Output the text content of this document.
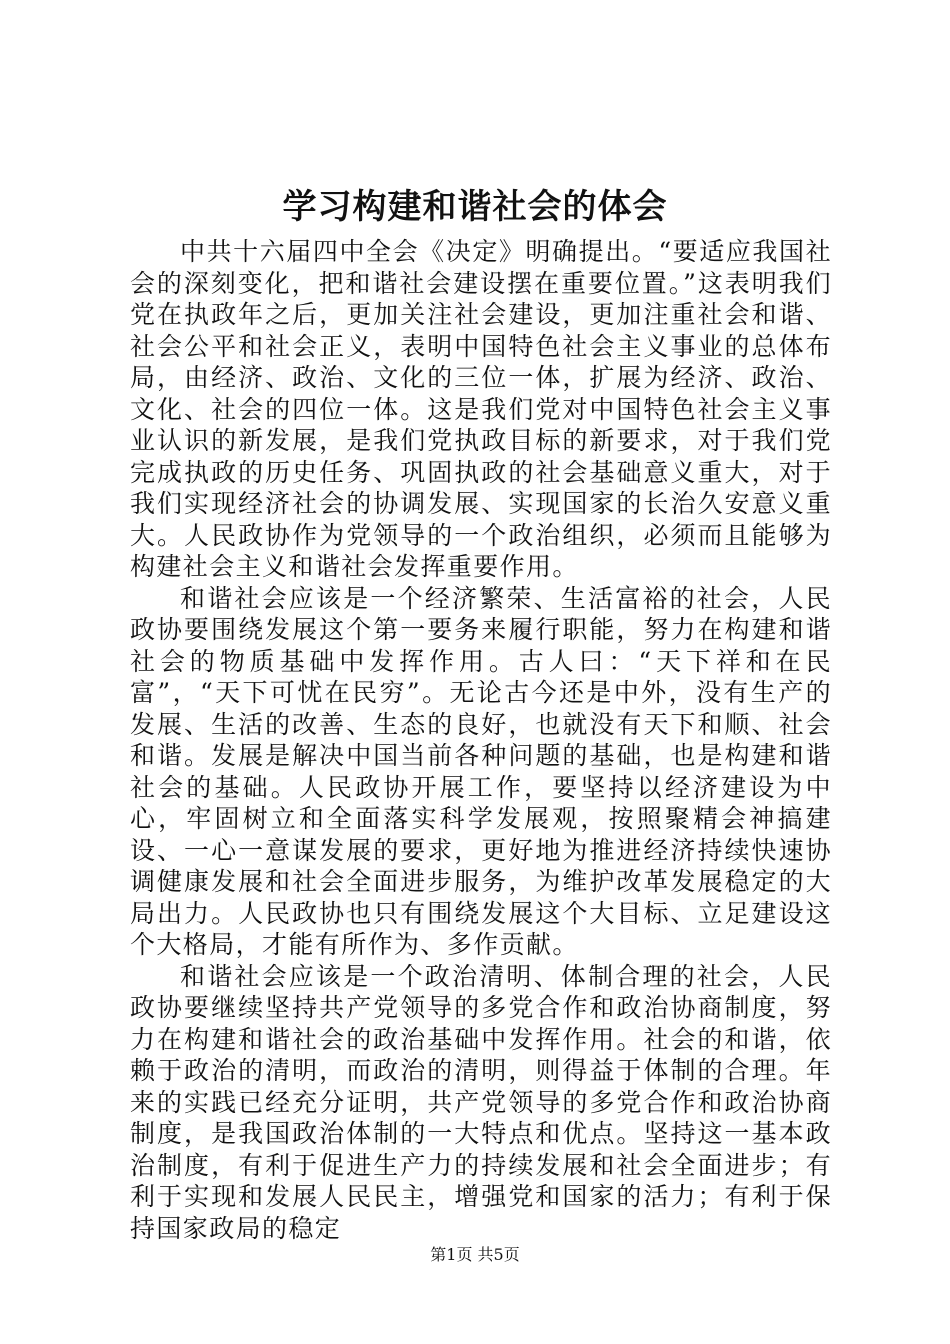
学习构建和谐社会的体会

中共十六届四中全会《决定》明确提出。“要适应我国社会的深刻变化，把和谐社会建设摆在重要位置。”这表明我们党在执政年之后，更加关注社会建设，更加注重社会和谐、社会公平和社会正义，表明中国特色社会主义事业的总体布局，由经济、政治、文化的三位一体，扩展为经济、政治、文化、社会的四位一体。这是我们党对中国特色社会主义事业认识的新发展，是我们党执政目标的新要求，对于我们党完成执政的历史任务、巩固执政的社会基础意义重大，对于我们实现经济社会的协调发展、实现国家的长治久安意义重大。人民政协作为党领导的一个政治组织，必须而且能够为构建社会主义和谐社会发挥重要作用。

和谐社会应该是一个经济繁荣、生活富裕的社会，人民政协要围绕发展这个第一要务来履行职能，努力在构建和谐社会的物质基础中发挥作用。古人曰：“天下祥和在民富”，“天下可忧在民穷”。无论古今还是中外，没有生产的发展、生活的改善、生态的良好，也就没有天下和顺、社会和谐。发展是解决中国当前各种问题的基础，也是构建和谐社会的基础。人民政协开展工作，要坚持以经济建设为中心，牢固树立和全面落实科学发展观，按照聚精会神搞建设、一心一意谋发展的要求，更好地为推进经济持续快速协调健康发展和社会全面进步服务，为维护改革发展稳定的大局出力。人民政协也只有围绕发展这个大目标、立足建设这个大格局，才能有所作为、多作贡献。

和谐社会应该是一个政治清明、体制合理的社会，人民政协要继续坚持共产党领导的多党合作和政治协商制度，努力在构建和谐社会的政治基础中发挥作用。社会的和谐，依赖于政治的清明，而政治的清明，则得益于体制的合理。年来的实践已经充分证明，共产党领导的多党合作和政治协商制度，是我国政治体制的一大特点和优点。坚持这一基本政治制度，有利于促进生产力的持续发展和社会全面进步；有利于实现和发展人民民主，增强党和国家的活力；有利于保持国家政局的稳定

第1页 共5页
